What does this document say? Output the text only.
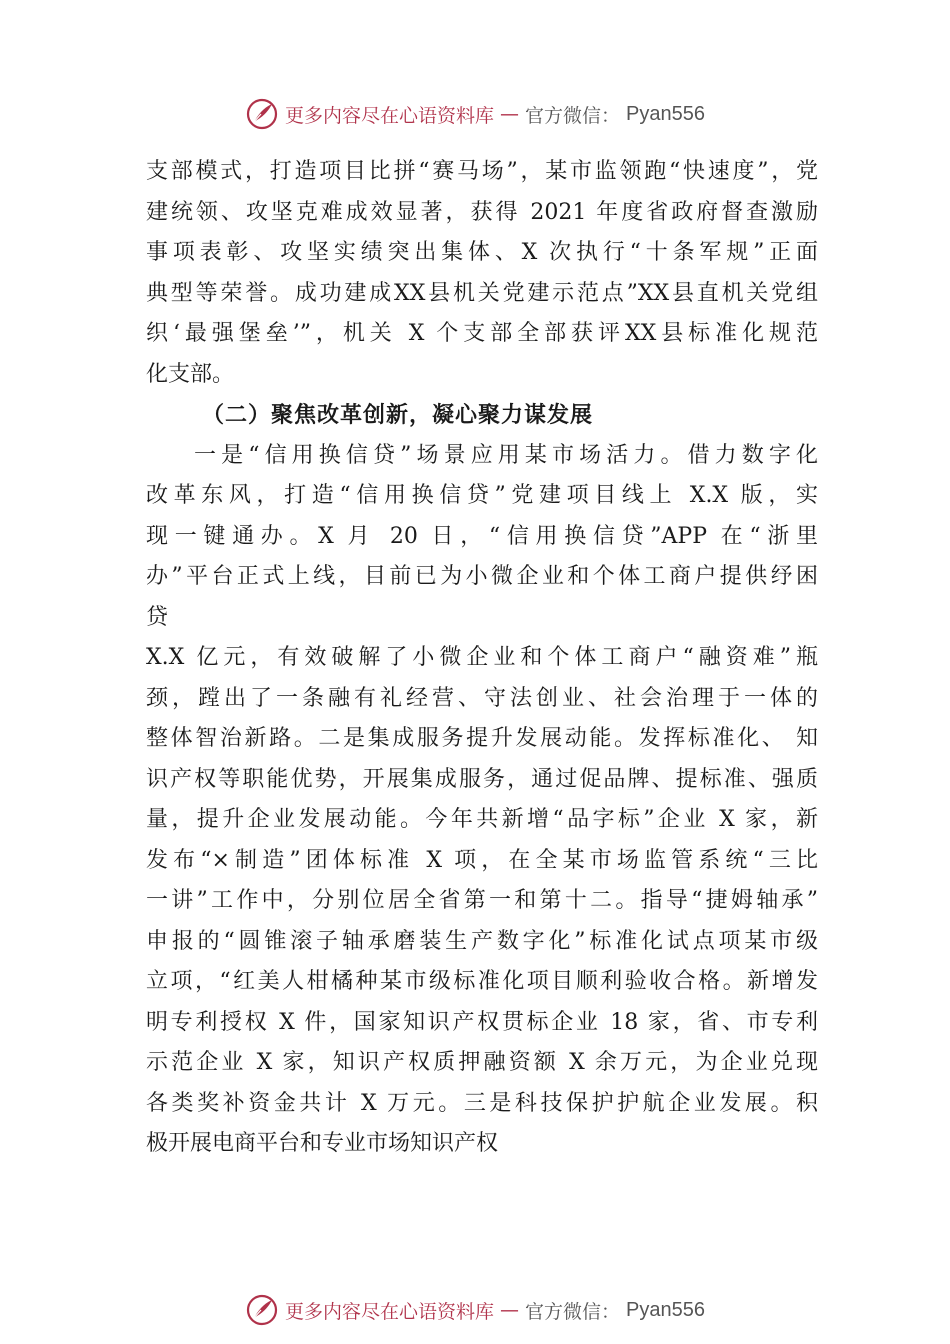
更多内容尽在心语资料库 — 官方微信： Pyan556
支部模式，打造项目比拼“赛马场”，某市监领跑“快速度”，党
建统领、攻坚克难成效显著，获得 2021 年度省政府督查激励
事项表彰、攻坚实绩突出集体、X 次执行“十条军规”正面
典型等荣誉。成功建成XX县机关党建示范点”XX县直机关党组
织‘最强堡垒’”，机关 X 个支部全部获评XX县标准化规范
化支部。
（二）聚焦改革创新，凝心聚力谋发展
一是“信用换信贷”场景应用某市场活力。借力数字化
改革东风，打造“信用换信贷”党建项目线上 X.X 版，实
现一键通办。X 月 20 日，“信用换信贷”APP 在“浙里
办”平台正式上线，目前已为小微企业和个体工商户提供纾困
贷
X.X 亿元，有效破解了小微企业和个体工商户“融资难”瓶
颈，蹚出了一条融有礼经营、守法创业、社会治理于一体的
整体智治新路。二是集成服务提升发展动能。发挥标准化、 知
识产权等职能优势，开展集成服务，通过促品牌、提标准、强质
量，提升企业发展动能。今年共新增“品字标”企业 X 家，新
发布“×制造”团体标准 X 项，在全某市场监管系统“三比
一讲”工作中，分别位居全省第一和第十二。指导“捷姆轴承”
申报的“圆锥滚子轴承磨装生产数字化”标准化试点项某市级
立项，“红美人柑橘种某市级标准化项目顺利验收合格。新增发
明专利授权 X 件，国家知识产权贯标企业 18 家，省、市专利
示范企业 X 家，知识产权质押融资额 X 余万元，为企业兑现
各类奖补资金共计 X 万元。三是科技保护护航企业发展。积
极开展电商平台和专业市场知识产权
更多内容尽在心语资料库 — 官方微信： Pyan556
